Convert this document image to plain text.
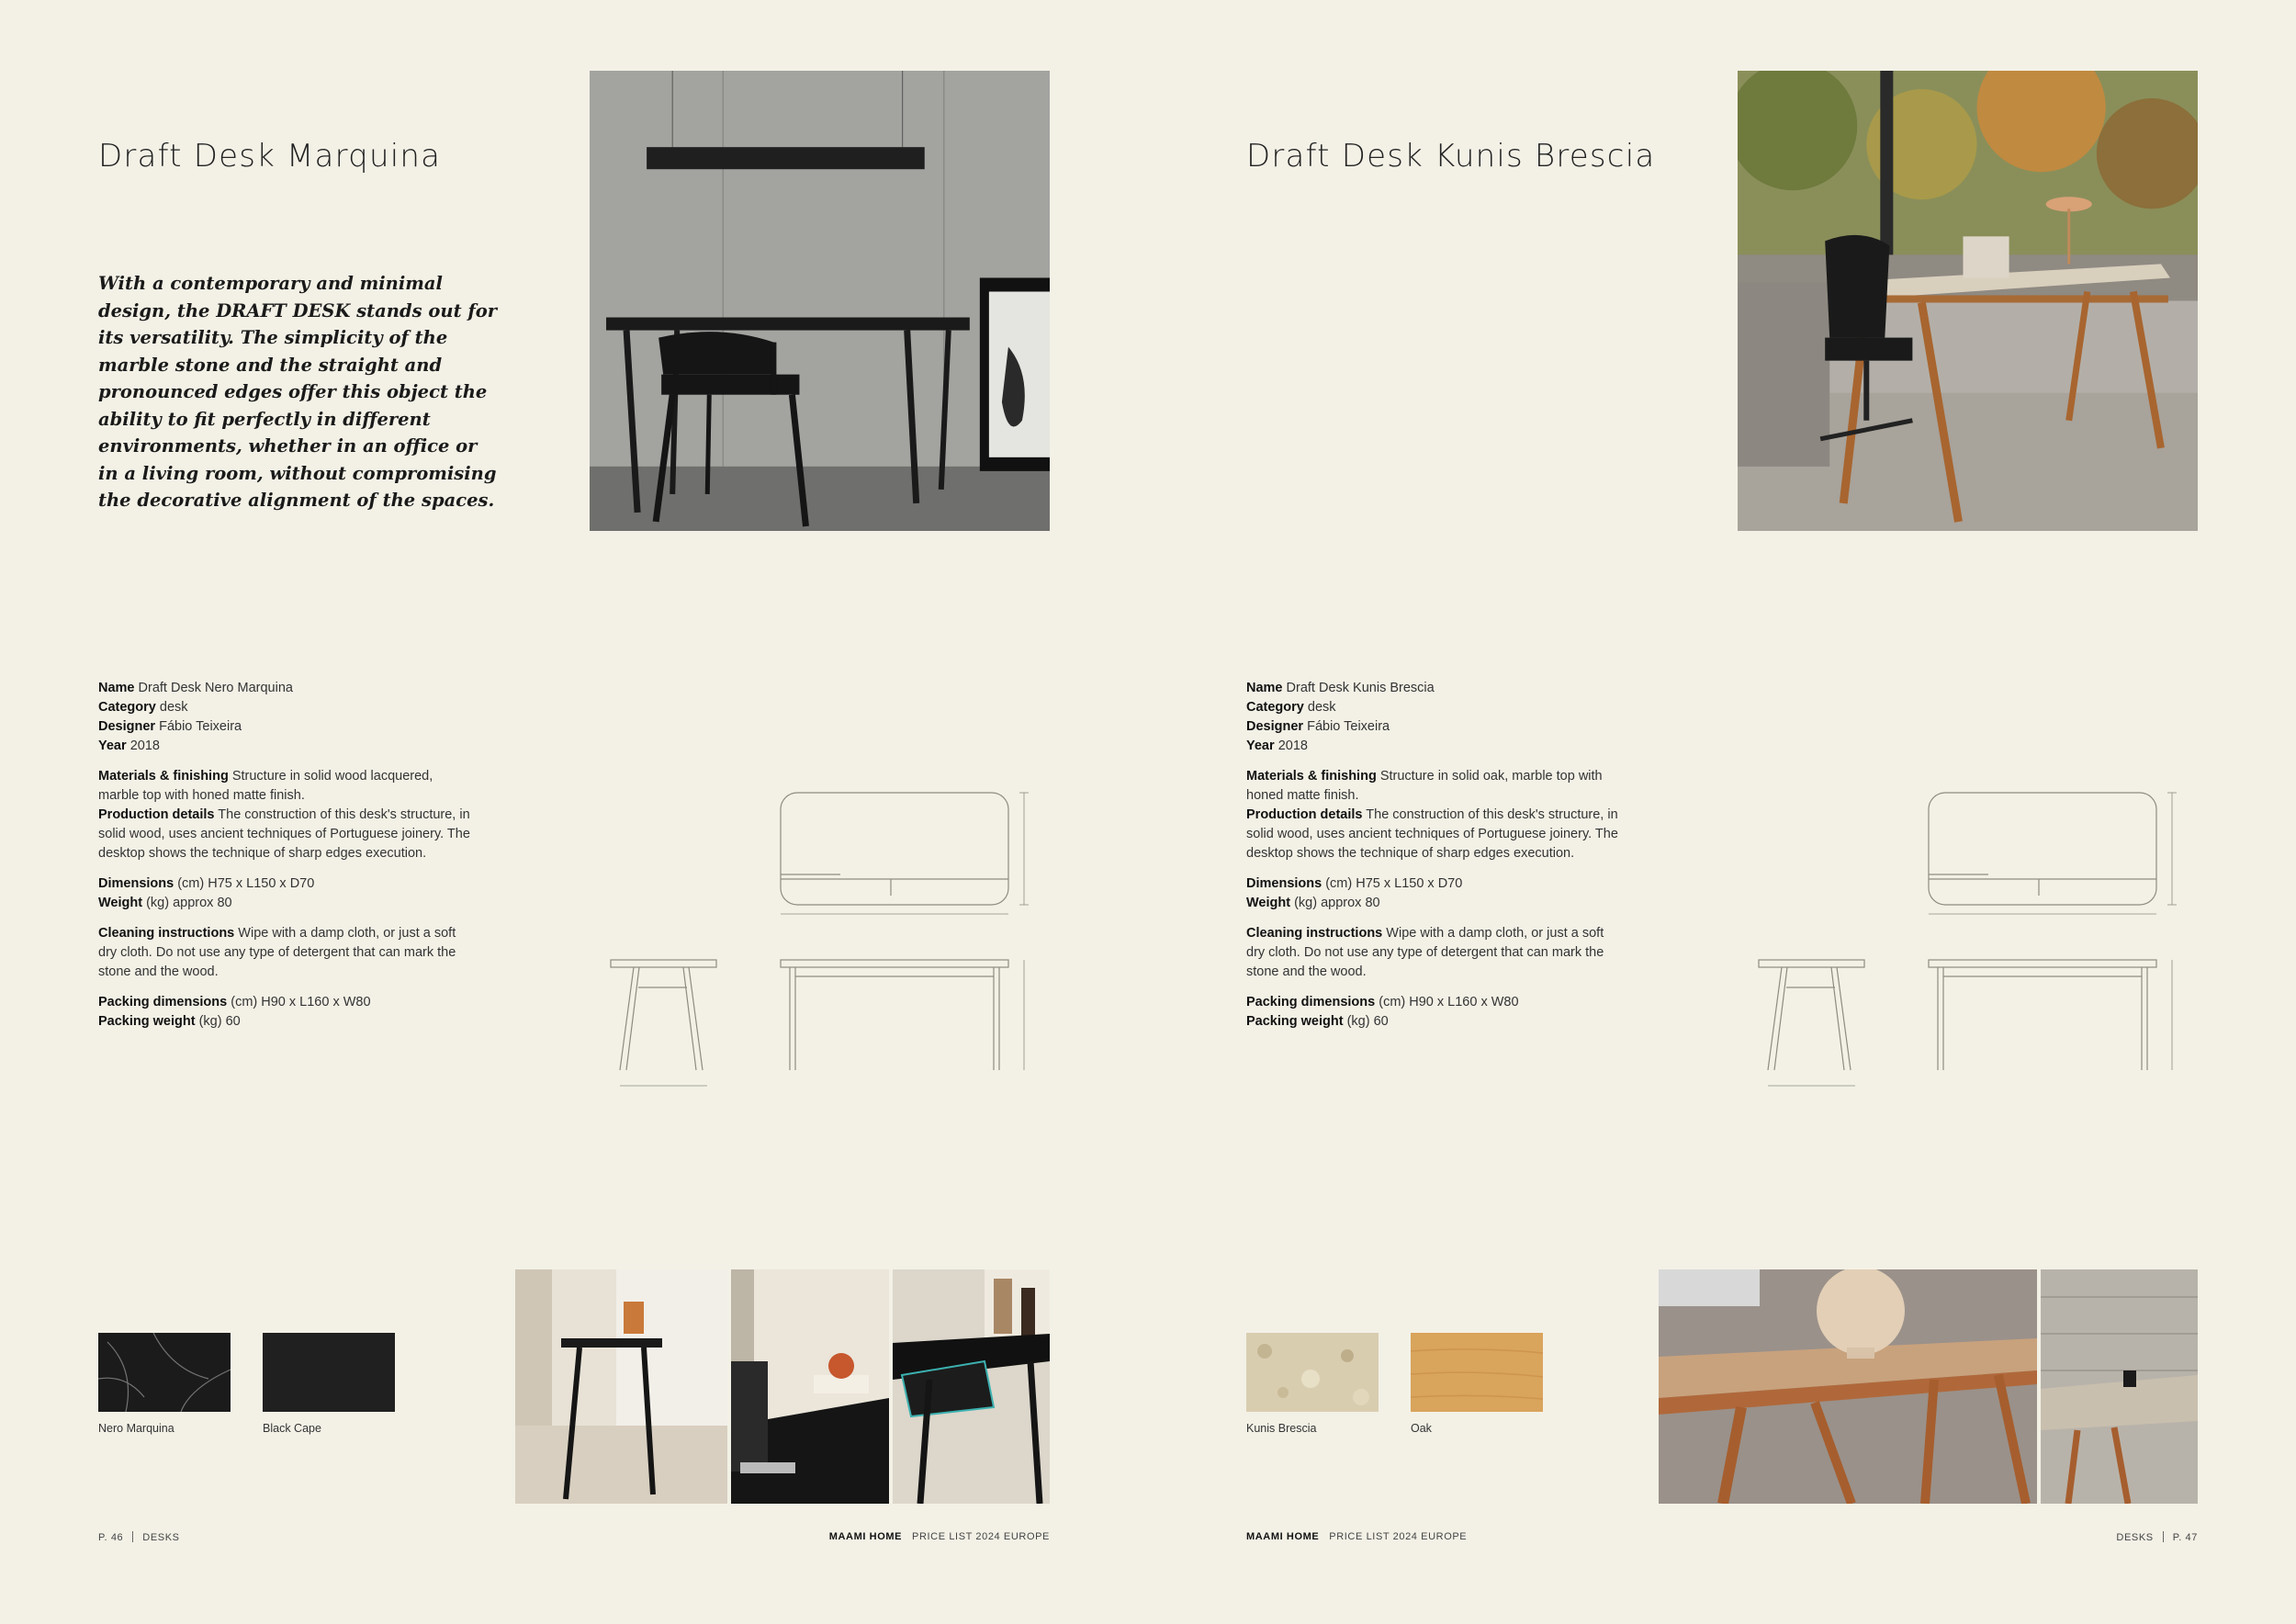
Draft Desk Marquina
With a contemporary and minimal design, the DRAFT DESK stands out for its versatility. The simplicity of the marble stone and the straight and pronounced edges offer this object the ability to fit perfectly in different environments, whether in an office or in a living room, without compromising the decorative alignment of the spaces.
Name Draft Desk Nero Marquina
Category desk
Designer Fábio Teixeira
Year 2018
Materials & finishing Structure in solid wood lacquered, marble top with honed matte finish.
Production details The construction of this desk's structure, in solid wood, uses ancient techniques of Portuguese joinery. The desktop shows the technique of sharp edges execution.
Dimensions (cm) H75 x L150 x D70
Weight (kg) approx 80
Cleaning instructions Wipe with a damp cloth, or just a soft dry cloth. Do not use any type of detergent that can mark the stone and the wood.
Packing dimensions (cm) H90 x L160 x W80
Packing weight (kg) 60
Nero Marquina	Black Cape
P. 46 DESKS	MAAMI HOME PRICE LIST 2024 EUROPE
Draft Desk Kunis Brescia
Name Draft Desk Kunis Brescia
Category desk
Designer Fábio Teixeira
Year 2018
Materials & finishing Structure in solid oak, marble top with honed matte finish.
Production details The construction of this desk's structure, in solid wood, uses ancient techniques of Portuguese joinery. The desktop shows the technique of sharp edges execution.
Dimensions (cm) H75 x L150 x D70
Weight (kg) approx 80
Cleaning instructions Wipe with a damp cloth, or just a soft dry cloth. Do not use any type of detergent that can mark the stone and the wood.
Packing dimensions (cm) H90 x L160 x W80
Packing weight (kg) 60
Kunis Brescia	Oak
MAAMI HOME PRICE LIST 2024 EUROPE	DESKS P. 47
